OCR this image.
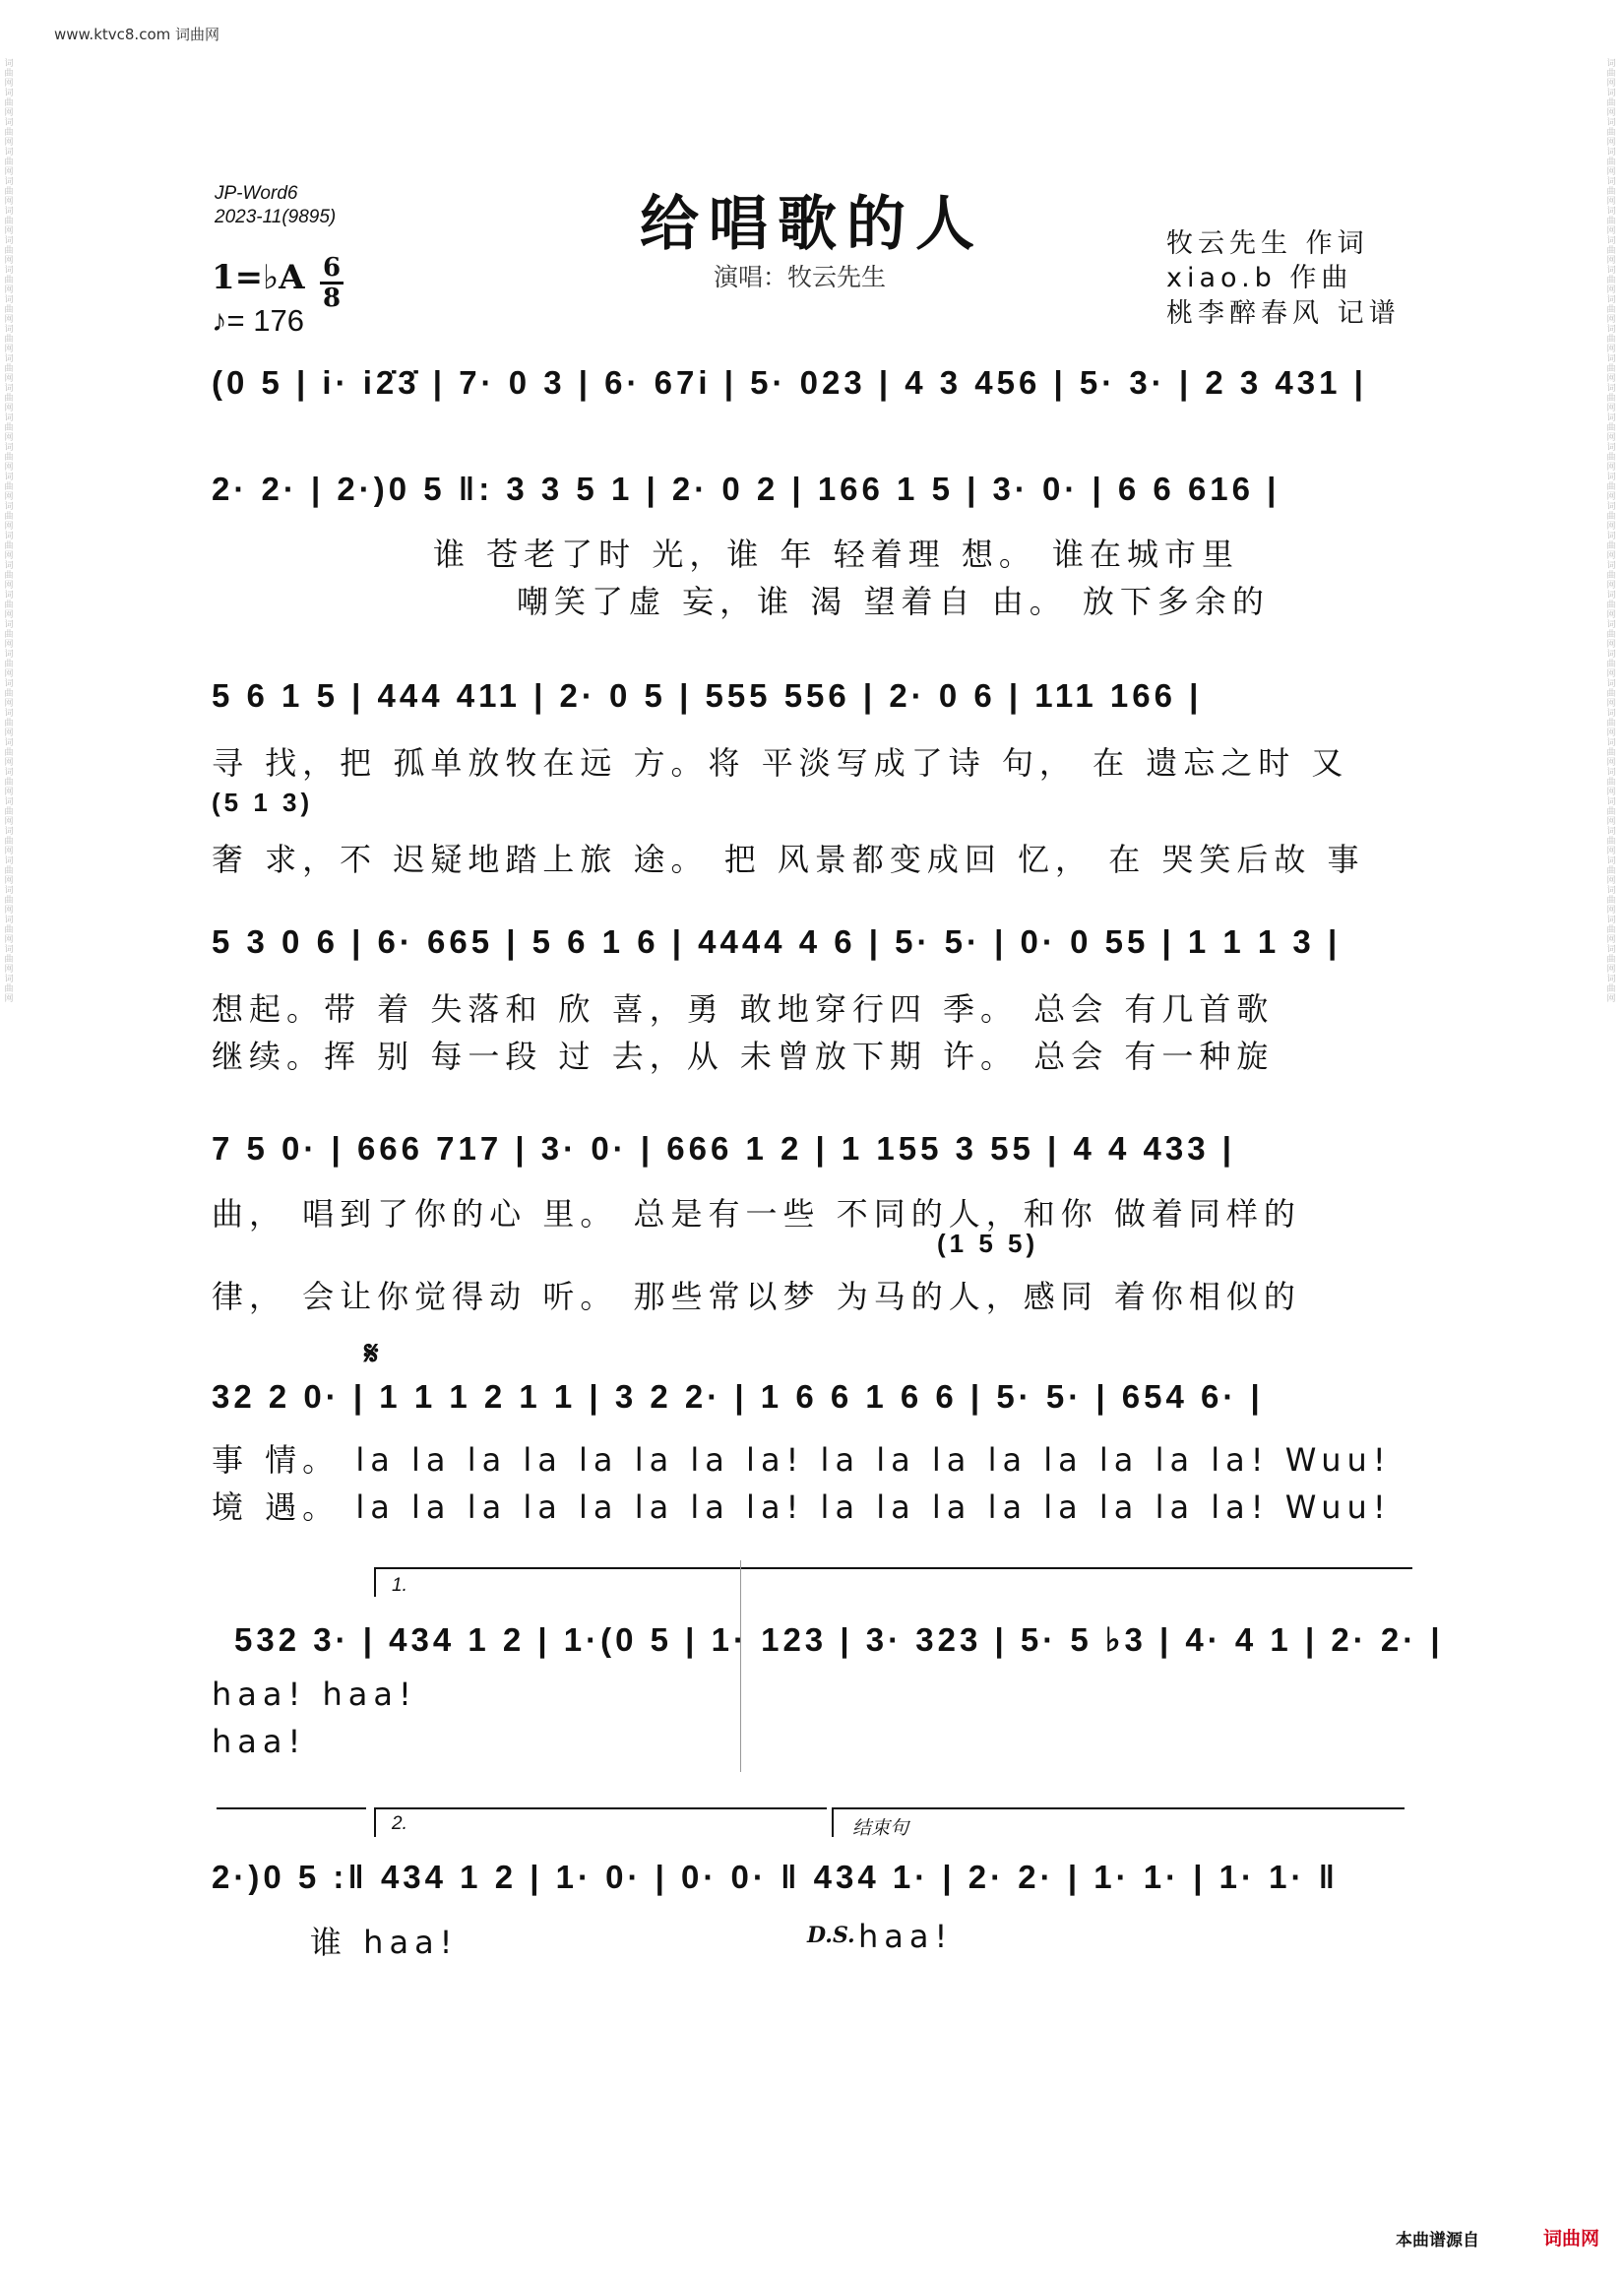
www.ktvc8.com 词曲网
词曲网词曲网词曲网词曲网词曲网词曲网词曲网词曲网词曲网词曲网词曲网词曲网词曲网词曲网词曲网词曲网词曲网词曲网词曲网词曲网词曲网词曲网词曲网词曲网词曲网词曲网词曲网词曲网词曲网词曲网词曲网词曲网
词曲网词曲网词曲网词曲网词曲网词曲网词曲网词曲网词曲网词曲网词曲网词曲网词曲网词曲网词曲网词曲网词曲网词曲网词曲网词曲网词曲网词曲网词曲网词曲网词曲网词曲网词曲网词曲网词曲网词曲网词曲网词曲网
JP-Word6
2023-11(9895)	给唱歌的人
演唱：牧云先生
牧云先生 作词
xiao.b 作曲
桃李醉春风 记谱
1=♭A 6
8
♪= 176
(0 5 | i· i2̇3̇ | 7· 0 3 | 6· 67i | 5· 023 | 4 3 456 | 5· 3· | 2 3 431 |
2· 2· | 2·)0 5 ‖: 3 3 5 1 | 2· 0 2 | 166 1 5 | 3· 0· | 6 6 616 |
谁 苍老了时 光，谁 年 轻着理 想。 谁在城市里
嘲笑了虚 妄，谁 渴 望着自 由。 放下多余的
5 6 1 5 | 444 411 | 2· 0 5 | 555 556 | 2· 0 6 | 111 166 |
寻 找，把 孤单放牧在远 方。将 平淡写成了诗 句， 在 遗忘之时 又
(5 1 3)
奢 求，不 迟疑地踏上旅 途。 把 风景都变成回 忆， 在 哭笑后故 事
5 3 0 6 | 6· 665 | 5 6 1 6 | 4444 4 6 | 5· 5· | 0· 0 55 | 1 1 1 3 |
想起。带 着 失落和 欣 喜，勇 敢地穿行四 季。 总会 有几首歌
继续。挥 别 每一段 过 去，从 未曾放下期 许。 总会 有一种旋
7 5 0· | 666 717 | 3· 0· | 666 1 2 | 1 155 3 55 | 4 4 433 |
曲， 唱到了你的心 里。 总是有一些 不同的人，和你 做着同样的
(1 5 5)
律， 会让你觉得动 听。 那些常以梦 为马的人，感同 着你相似的
𝄋
32 2 0· | 1 1 1 2 1 1 | 3 2 2· | 1 6 6 1 6 6 | 5· 5· | 654 6· |
事 情。 la la la la la la la la! la la la la la la la la! Wuu!
境 遇。 la la la la la la la la! la la la la la la la la! Wuu!
1.
532 3· | 434 1 2 | 1·(0 5 | 1· 123 | 3· 323 | 5· 5 ♭3 | 4· 4 1 | 2· 2· |
haa! haa!
haa!
2.	结束句
2·)0 5 :‖ 434 1 2 | 1· 0· | 0· 0· ‖ 434 1· | 2· 2· | 1· 1· | 1· 1· ‖
谁 haa!	D.S. haa!
本曲谱源自	词曲网
